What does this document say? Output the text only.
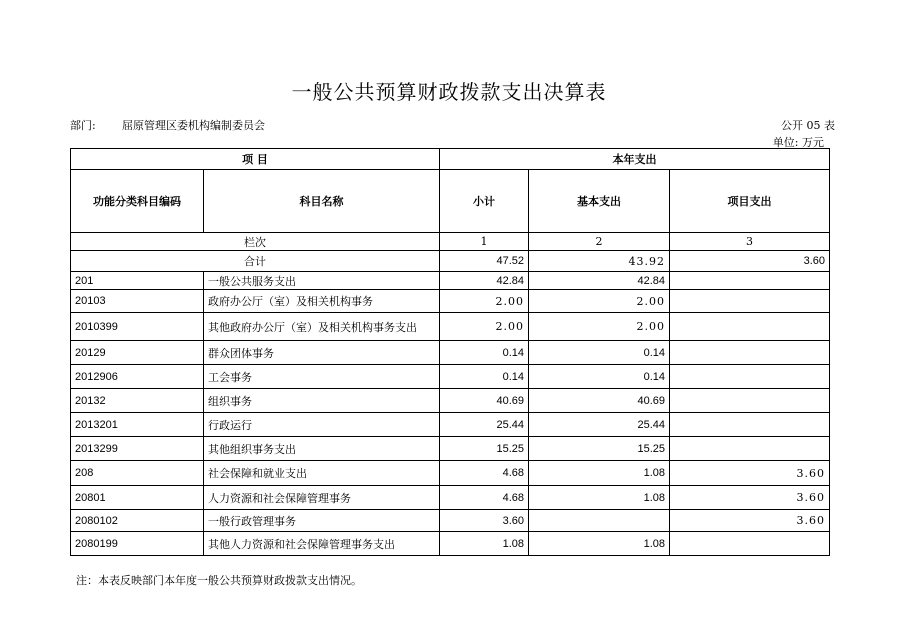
一般公共预算财政拨款支出决算表
部门: 屈原管理区委机构编制委员会	公开 05 表
单位: 万元
项 目		本年支出		
功能分类科目编码	科目名称	小计	基本支出	项目支出
栏次		1	2	3
合计		47.52	43.92	3.60
201	一般公共服务支出	42.84	42.84	
20103	政府办公厅（室）及相关机构事务	2.00	2.00	
2010399	其他政府办公厅（室）及相关机构事务支出	2.00	2.00	
20129	群众团体事务	0.14	0.14	
2012906	工会事务	0.14	0.14	
20132	组织事务	40.69	40.69	
2013201	行政运行	25.44	25.44	
2013299	其他组织事务支出	15.25	15.25	
208	社会保障和就业支出	4.68	1.08	3.60
20801	人力资源和社会保障管理事务	4.68	1.08	3.60
2080102	一般行政管理事务	3.60		3.60
2080199	其他人力资源和社会保障管理事务支出	1.08	1.08	
注：本表反映部门本年度一般公共预算财政拨款支出情况。
